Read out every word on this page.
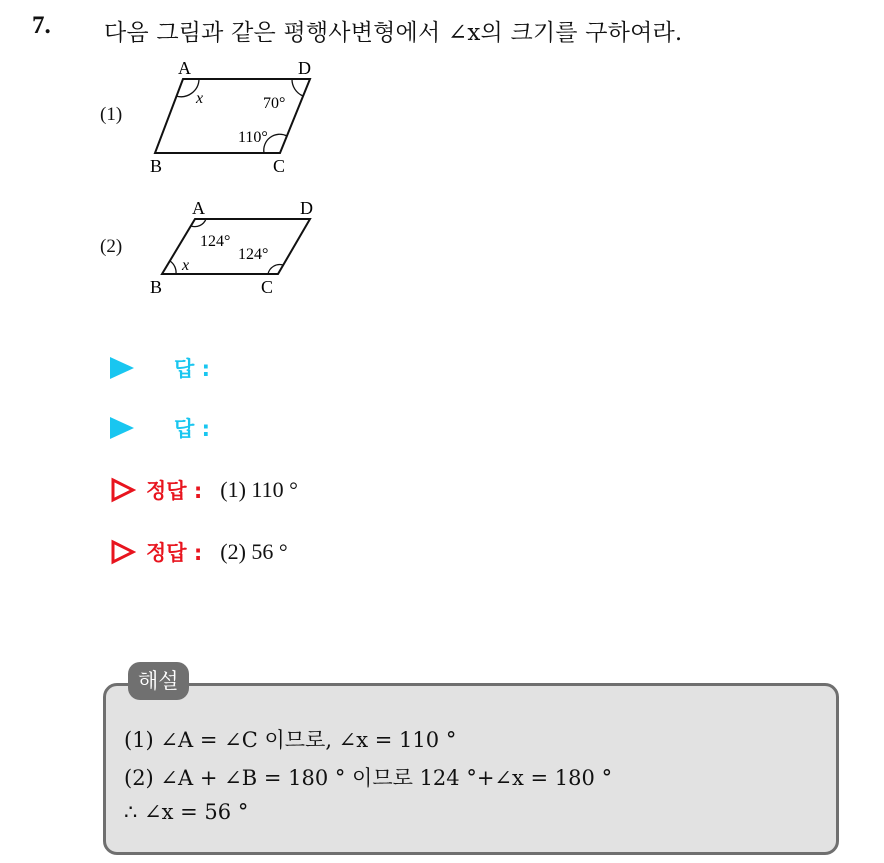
7. 다음 그림과 같은 평행사변형에서 ∠x의 크기를 구하여라.
(1)
A	D
B	C
x	70°
110°
(2)
A	D
B	C
124°
124°
x
답 :
답 :
정답 : (1) 110 °
정답 : (2) 56 °
해설
(1) ∠A = ∠C 이므로, ∠x = 110 °
(2) ∠A + ∠B = 180 ° 이므로 124 °+∠x = 180 °
∴ ∠x = 56 °
